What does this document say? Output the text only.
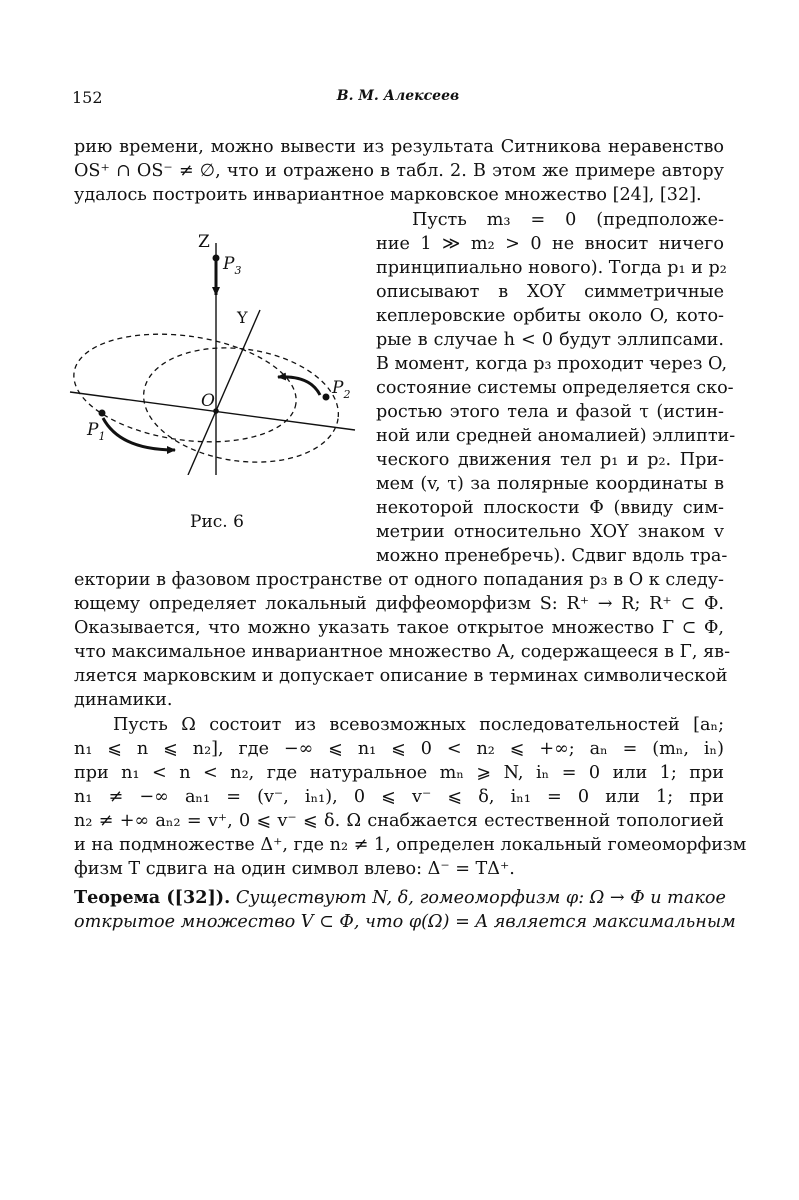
152	В. М. Алексеев
рию времени, можно вывести из результата Ситникова неравенство
OS⁺ ∩ OS⁻ ≠ ∅, что и отражено в табл. 2. В этом же примере автору
удалось построить инвариантное марковское множество [24], [32].
Пусть m₃ = 0 (предположе-
ние 1 ≫ m₂ > 0 не вносит ничего
принципиально нового). Тогда p₁ и p₂
описывают в XOY симметричные
кеплеровские орбиты около O, кото-
рые в случае h < 0 будут эллипсами.
В момент, когда p₃ проходит через O,
состояние системы определяется ско-
ростью этого тела и фазой τ (истин-
ной или средней аномалией) эллипти-
ческого движения тел p₁ и p₂. При-
мем (v, τ) за полярные координаты в
некоторой плоскости Φ (ввиду сим-
метрии относительно XOY знаком v
можно пренебречь). Сдвиг вдоль тра-
ектории в фазовом пространстве от одного попадания p₃ в O к следу-
ющему определяет локальный диффеоморфизм S: R⁺ → R; R⁺ ⊂ Φ.
Оказывается, что можно указать такое открытое множество Γ ⊂ Φ,
что максимальное инвариантное множество A, содержащееся в Γ, яв-
ляется марковским и допускает описание в терминах символической
динамики.
Пусть Ω состоит из всевозможных последовательностей [aₙ;
n₁ ⩽ n ⩽ n₂], где −∞ ⩽ n₁ ⩽ 0 < n₂ ⩽ +∞; aₙ = (mₙ, iₙ)
при n₁ < n < n₂, где натуральное mₙ ⩾ N, iₙ = 0 или 1; при
n₁ ≠ −∞ aₙ₁ = (v⁻, iₙ₁), 0 ⩽ v⁻ ⩽ δ, iₙ₁ = 0 или 1; при
n₂ ≠ +∞ aₙ₂ = v⁺, 0 ⩽ v⁻ ⩽ δ. Ω снабжается естественной топологией
и на подмножестве Δ⁺, где n₂ ≠ 1, определен локальный гомеоморфизм
физм T сдвига на один символ влево: Δ⁻ = TΔ⁺.
Теорема ([32]). Существуют N, δ, гомеоморфизм φ: Ω → Φ и такое
открытое множество V ⊂ Φ, что φ(Ω) = A является максимальным
Z
Y
O
$P_3$
$P_2$
$P_1$
Рис. 6
